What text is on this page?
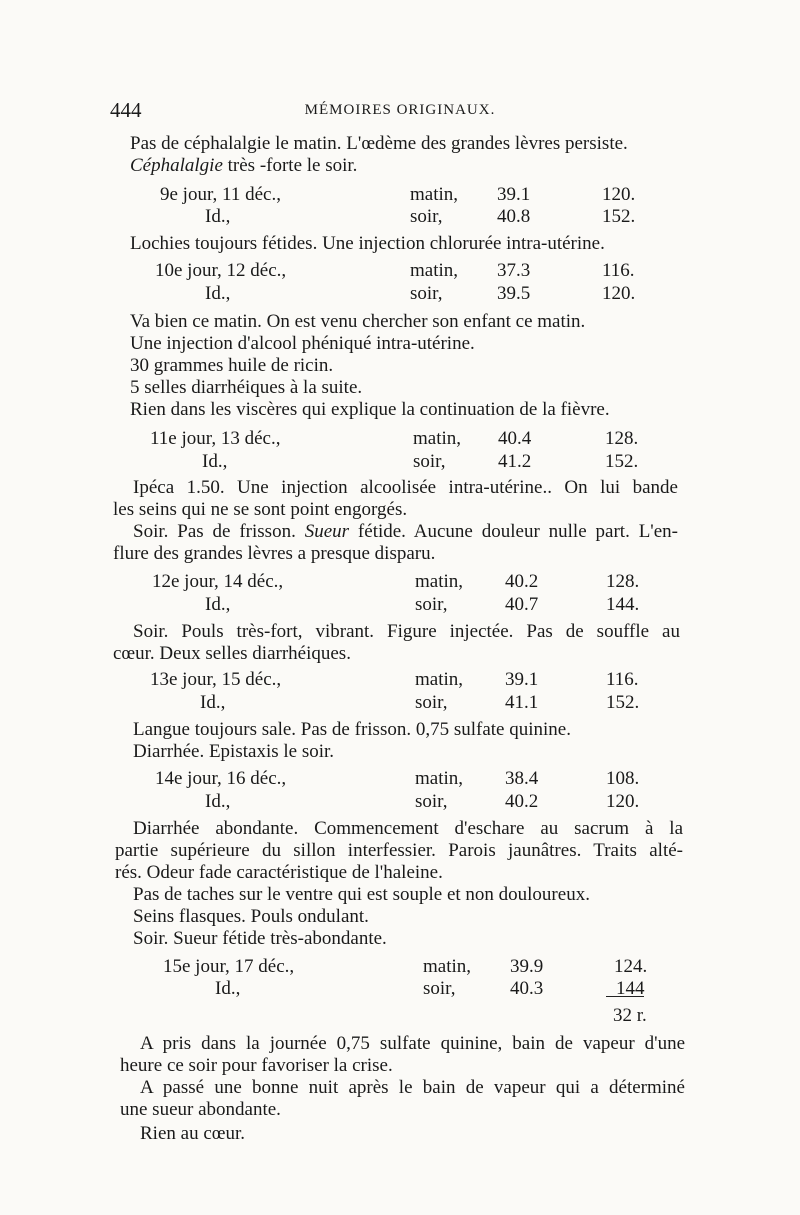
444	MÉMOIRES ORIGINAUX.
Pas de céphalalgie le matin. L'œdème des grandes lèvres persiste.
Céphalalgie très -forte le soir.
9e jour, 11 déc.,	matin, 39.1	120.
Id.,	soir,	40.8	152.
Lochies toujours fétides. Une injection chlorurée intra-utérine.
10e jour, 12 déc.,	matin, 37.3	116.
Id.,	soir,	39.5	120.
Va bien ce matin. On est venu chercher son enfant ce matin.
Une injection d'alcool phéniqué intra-utérine.
30 grammes huile de ricin.
5 selles diarrhéiques à la suite.
Rien dans les viscères qui explique la continuation de la fièvre.
11e jour, 13 déc.,	matin, 40.4	128.
Id.,	soir,	41.2	152.
Ipéca 1.50. Une injection alcoolisée intra-utérine.. On lui bande
les seins qui ne se sont point engorgés.
Soir. Pas de frisson. Sueur fétide. Aucune douleur nulle part. L'en-
flure des grandes lèvres a presque disparu.
12e jour, 14 déc.,	matin, 40.2	128.
Id.,	soir,	40.7	144.
Soir. Pouls très-fort, vibrant. Figure injectée. Pas de souffle au
cœur. Deux selles diarrhéiques.
13e jour, 15 déc.,	matin, 39.1	116.
Id.,	soir,	41.1	152.
Langue toujours sale. Pas de frisson. 0,75 sulfate quinine.
Diarrhée. Epistaxis le soir.
14e jour, 16 déc.,	matin, 38.4	108.
Id.,	soir,	40.2	120.
Diarrhée abondante. Commencement d'eschare au sacrum à la
partie supérieure du sillon interfessier. Parois jaunâtres. Traits alté-
rés. Odeur fade caractéristique de l'haleine.
Pas de taches sur le ventre qui est souple et non douloureux.
Seins flasques. Pouls ondulant.
Soir. Sueur fétide très-abondante.
15e jour, 17 déc.,	matin, 39.9	124.
Id.,	soir,	40.3	144
32 r.
A pris dans la journée 0,75 sulfate quinine, bain de vapeur d'une
heure ce soir pour favoriser la crise.
A passé une bonne nuit après le bain de vapeur qui a déterminé
une sueur abondante.
Rien au cœur.
